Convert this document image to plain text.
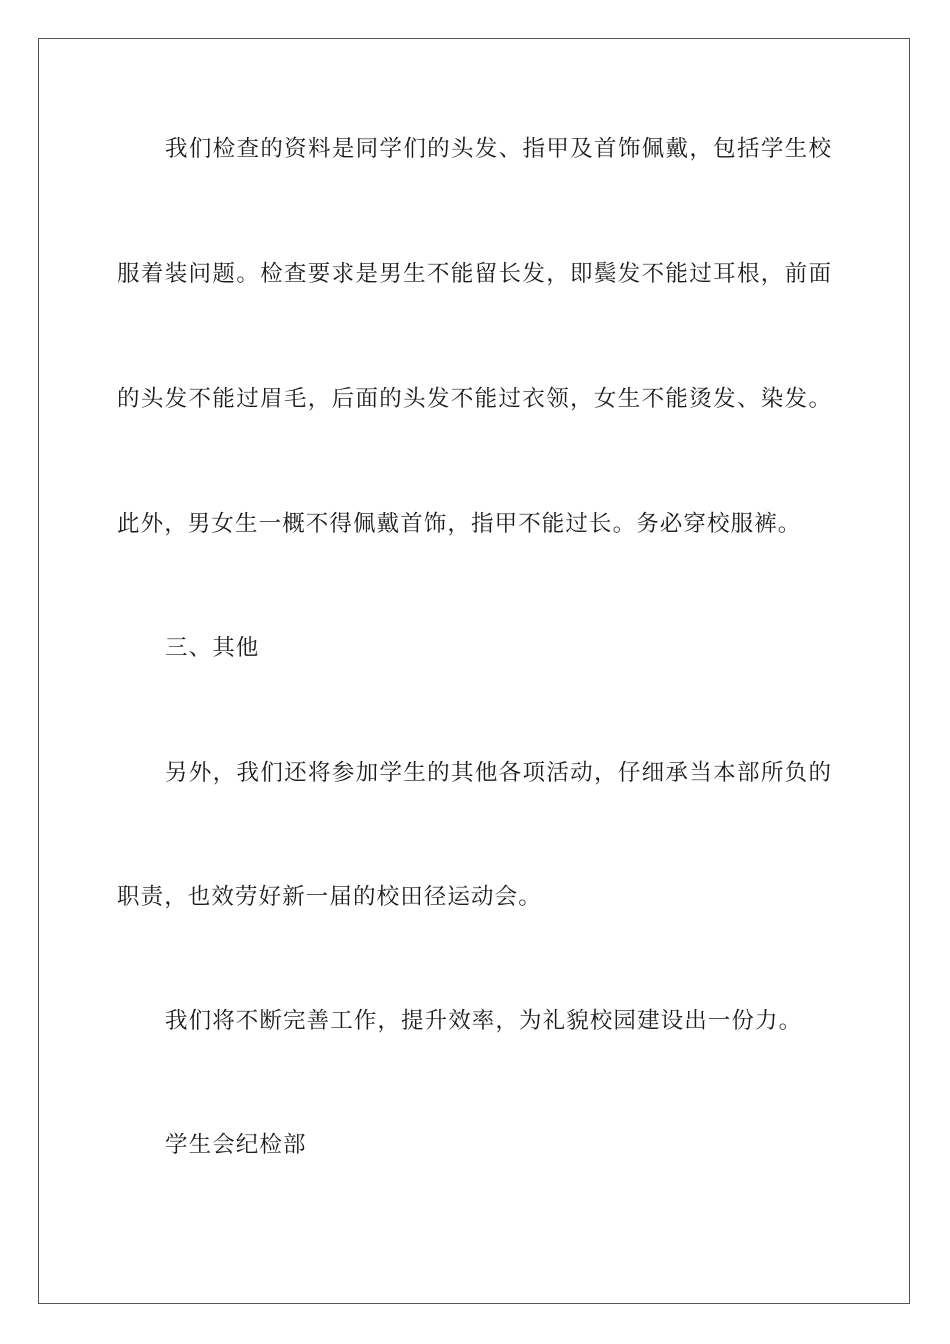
我们检查的资料是同学们的头发、指甲及首饰佩戴，包括学生校
服着装问题。检查要求是男生不能留长发，即鬓发不能过耳根，前面
的头发不能过眉毛，后面的头发不能过衣领，女生不能烫发、染发。
此外，男女生一概不得佩戴首饰，指甲不能过长。务必穿校服裤。
三、其他
另外，我们还将参加学生的其他各项活动，仔细承当本部所负的
职责，也效劳好新一届的校田径运动会。
我们将不断完善工作，提升效率，为礼貌校园建设出一份力。
学生会纪检部
